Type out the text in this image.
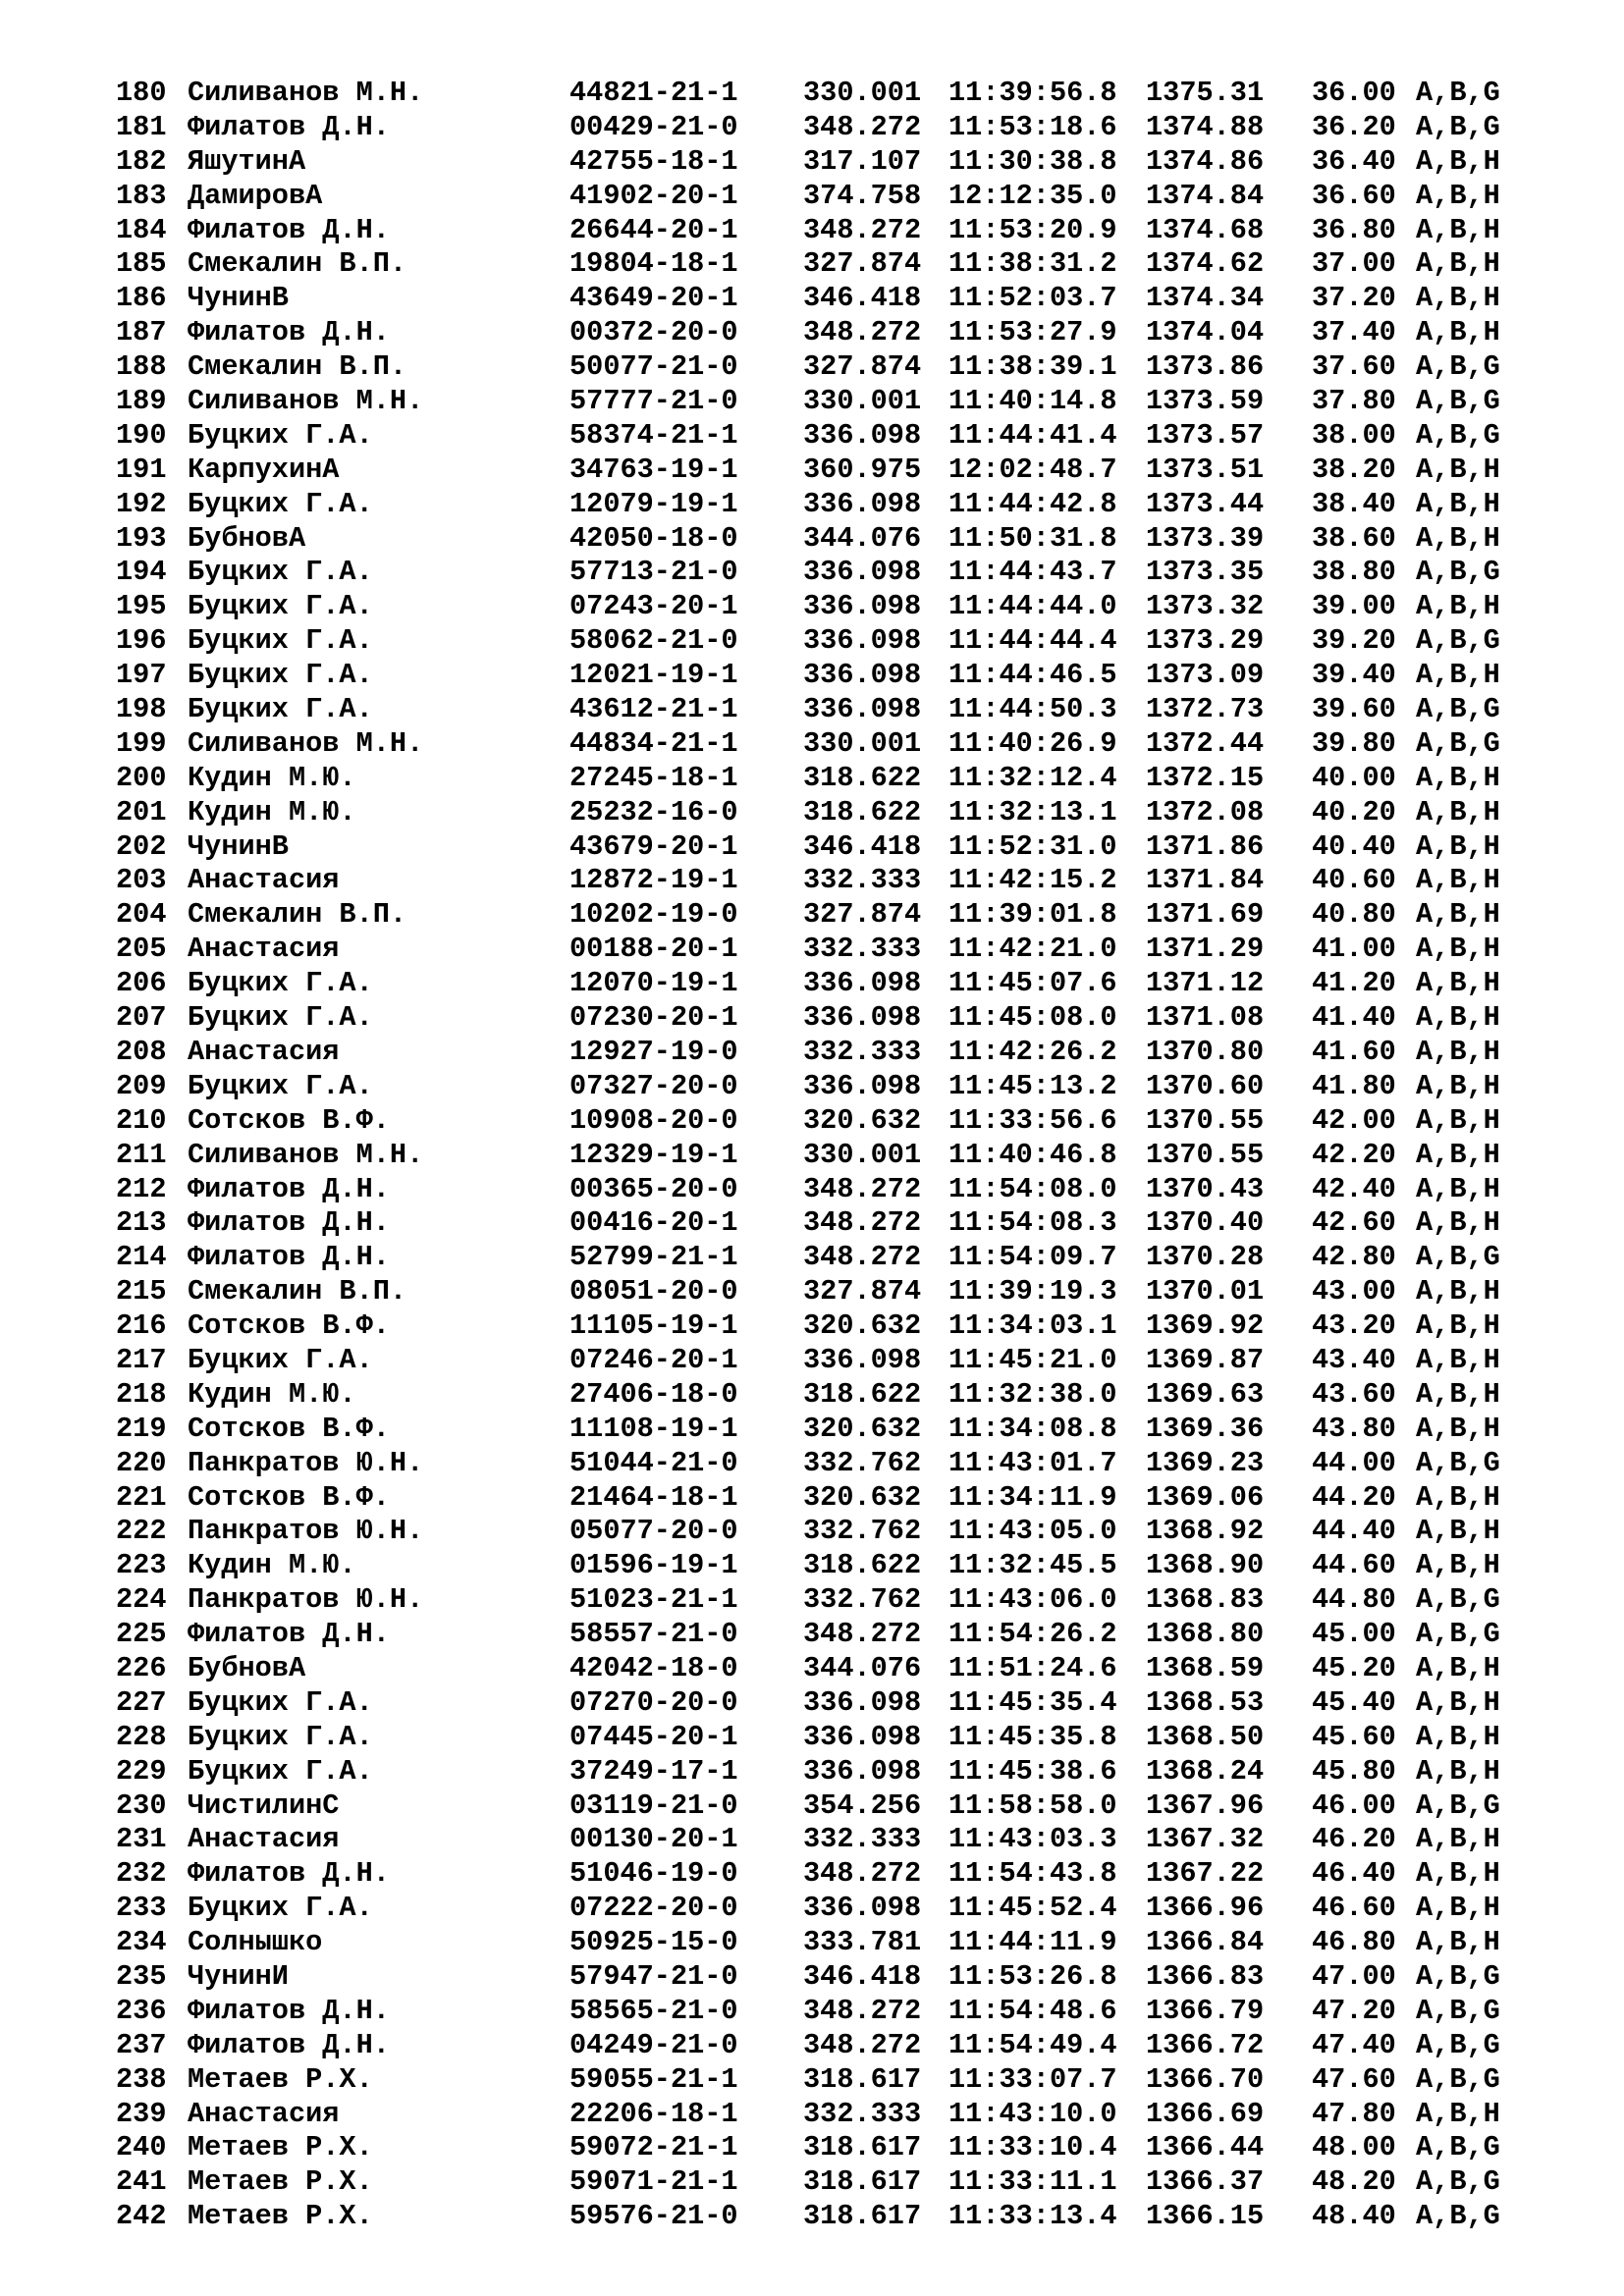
180 Силиванов М.Н.	44821-21-1 330.001 11:39:56.8 1375.31 36.00 A,B,G
181 Филатов Д.Н.	00429-21-0 348.272 11:53:18.6 1374.88 36.20 A,B,G
182 ЯшутинА	42755-18-1 317.107 11:30:38.8 1374.86 36.40 A,B,H
183 ДамировА	41902-20-1 374.758 12:12:35.0 1374.84 36.60 A,B,H
184 Филатов Д.Н.	26644-20-1 348.272 11:53:20.9 1374.68 36.80 A,B,H
185 Смекалин В.П.	19804-18-1 327.874 11:38:31.2 1374.62 37.00 A,B,H
186 ЧунинВ	43649-20-1 346.418 11:52:03.7 1374.34 37.20 A,B,H
187 Филатов Д.Н.	00372-20-0 348.272 11:53:27.9 1374.04 37.40 A,B,H
188 Смекалин В.П.	50077-21-0 327.874 11:38:39.1 1373.86 37.60 A,B,G
189 Силиванов М.Н.	57777-21-0 330.001 11:40:14.8 1373.59 37.80 A,B,G
190 Буцких Г.А.	58374-21-1 336.098 11:44:41.4 1373.57 38.00 A,B,G
191 КарпухинА	34763-19-1 360.975 12:02:48.7 1373.51 38.20 A,B,H
192 Буцких Г.А.	12079-19-1 336.098 11:44:42.8 1373.44 38.40 A,B,H
193 БубновА	42050-18-0 344.076 11:50:31.8 1373.39 38.60 A,B,H
194 Буцких Г.А.	57713-21-0 336.098 11:44:43.7 1373.35 38.80 A,B,G
195 Буцких Г.А.	07243-20-1 336.098 11:44:44.0 1373.32 39.00 A,B,H
196 Буцких Г.А.	58062-21-0 336.098 11:44:44.4 1373.29 39.20 A,B,G
197 Буцких Г.А.	12021-19-1 336.098 11:44:46.5 1373.09 39.40 A,B,H
198 Буцких Г.А.	43612-21-1 336.098 11:44:50.3 1372.73 39.60 A,B,G
199 Силиванов М.Н.	44834-21-1 330.001 11:40:26.9 1372.44 39.80 A,B,G
200 Кудин М.Ю.	27245-18-1 318.622 11:32:12.4 1372.15 40.00 A,B,H
201 Кудин М.Ю.	25232-16-0 318.622 11:32:13.1 1372.08 40.20 A,B,H
202 ЧунинВ	43679-20-1 346.418 11:52:31.0 1371.86 40.40 A,B,H
203 Анастасия	12872-19-1 332.333 11:42:15.2 1371.84 40.60 A,B,H
204 Смекалин В.П.	10202-19-0 327.874 11:39:01.8 1371.69 40.80 A,B,H
205 Анастасия	00188-20-1 332.333 11:42:21.0 1371.29 41.00 A,B,H
206 Буцких Г.А.	12070-19-1 336.098 11:45:07.6 1371.12 41.20 A,B,H
207 Буцких Г.А.	07230-20-1 336.098 11:45:08.0 1371.08 41.40 A,B,H
208 Анастасия	12927-19-0 332.333 11:42:26.2 1370.80 41.60 A,B,H
209 Буцких Г.А.	07327-20-0 336.098 11:45:13.2 1370.60 41.80 A,B,H
210 Сотсков В.Ф.	10908-20-0 320.632 11:33:56.6 1370.55 42.00 A,B,H
211 Силиванов М.Н.	12329-19-1 330.001 11:40:46.8 1370.55 42.20 A,B,H
212 Филатов Д.Н.	00365-20-0 348.272 11:54:08.0 1370.43 42.40 A,B,H
213 Филатов Д.Н.	00416-20-1 348.272 11:54:08.3 1370.40 42.60 A,B,H
214 Филатов Д.Н.	52799-21-1 348.272 11:54:09.7 1370.28 42.80 A,B,G
215 Смекалин В.П.	08051-20-0 327.874 11:39:19.3 1370.01 43.00 A,B,H
216 Сотсков В.Ф.	11105-19-1 320.632 11:34:03.1 1369.92 43.20 A,B,H
217 Буцких Г.А.	07246-20-1 336.098 11:45:21.0 1369.87 43.40 A,B,H
218 Кудин М.Ю.	27406-18-0 318.622 11:32:38.0 1369.63 43.60 A,B,H
219 Сотсков В.Ф.	11108-19-1 320.632 11:34:08.8 1369.36 43.80 A,B,H
220 Панкратов Ю.Н.	51044-21-0 332.762 11:43:01.7 1369.23 44.00 A,B,G
221 Сотсков В.Ф.	21464-18-1 320.632 11:34:11.9 1369.06 44.20 A,B,H
222 Панкратов Ю.Н.	05077-20-0 332.762 11:43:05.0 1368.92 44.40 A,B,H
223 Кудин М.Ю.	01596-19-1 318.622 11:32:45.5 1368.90 44.60 A,B,H
224 Панкратов Ю.Н.	51023-21-1 332.762 11:43:06.0 1368.83 44.80 A,B,G
225 Филатов Д.Н.	58557-21-0 348.272 11:54:26.2 1368.80 45.00 A,B,G
226 БубновА	42042-18-0 344.076 11:51:24.6 1368.59 45.20 A,B,H
227 Буцких Г.А.	07270-20-0 336.098 11:45:35.4 1368.53 45.40 A,B,H
228 Буцких Г.А.	07445-20-1 336.098 11:45:35.8 1368.50 45.60 A,B,H
229 Буцких Г.А.	37249-17-1 336.098 11:45:38.6 1368.24 45.80 A,B,H
230 ЧистилинС	03119-21-0 354.256 11:58:58.0 1367.96 46.00 A,B,G
231 Анастасия	00130-20-1 332.333 11:43:03.3 1367.32 46.20 A,B,H
232 Филатов Д.Н.	51046-19-0 348.272 11:54:43.8 1367.22 46.40 A,B,H
233 Буцких Г.А.	07222-20-0 336.098 11:45:52.4 1366.96 46.60 A,B,H
234 Солнышко	50925-15-0 333.781 11:44:11.9 1366.84 46.80 A,B,H
235 ЧунинИ	57947-21-0 346.418 11:53:26.8 1366.83 47.00 A,B,G
236 Филатов Д.Н.	58565-21-0 348.272 11:54:48.6 1366.79 47.20 A,B,G
237 Филатов Д.Н.	04249-21-0 348.272 11:54:49.4 1366.72 47.40 A,B,G
238 Метаев Р.Х.	59055-21-1 318.617 11:33:07.7 1366.70 47.60 A,B,G
239 Анастасия	22206-18-1 332.333 11:43:10.0 1366.69 47.80 A,B,H
240 Метаев Р.Х.	59072-21-1 318.617 11:33:10.4 1366.44 48.00 A,B,G
241 Метаев Р.Х.	59071-21-1 318.617 11:33:11.1 1366.37 48.20 A,B,G
242 Метаев Р.Х.	59576-21-0 318.617 11:33:13.4 1366.15 48.40 A,B,G
